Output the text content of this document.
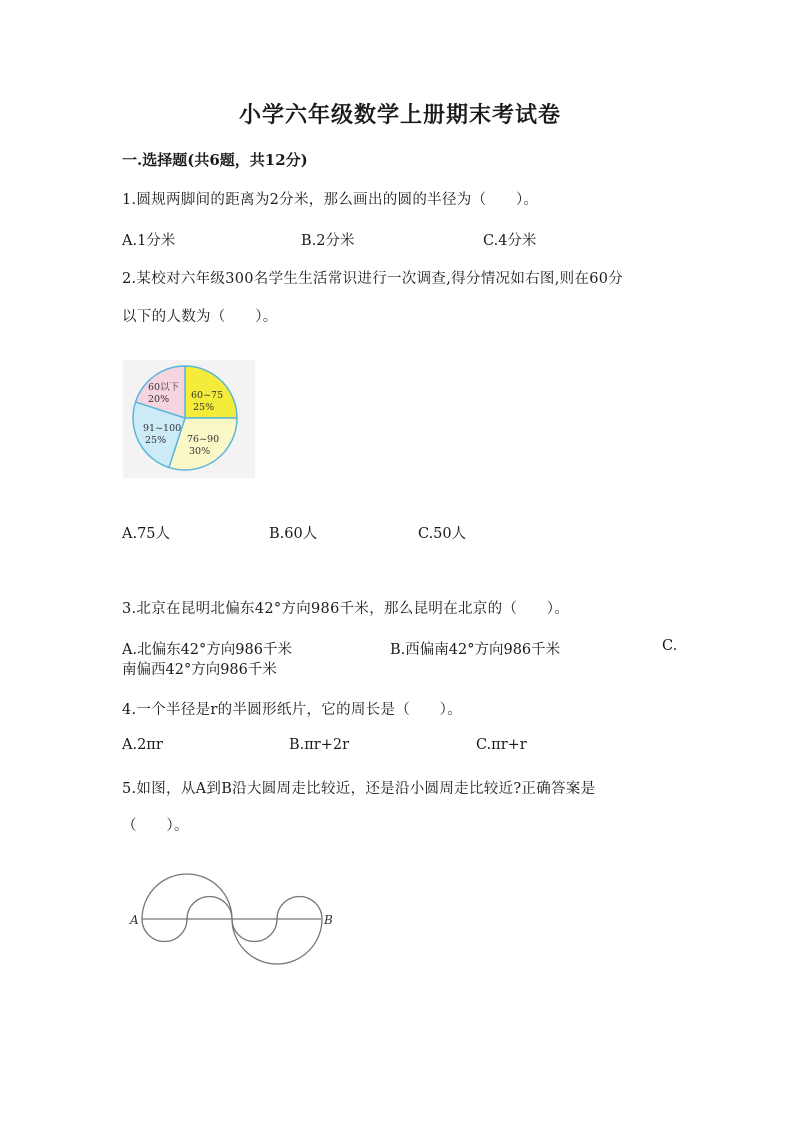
小学六年级数学上册期末考试卷
一.选择题(共6题，共12分)
1.圆规两脚间的距离为2分米，那么画出的圆的半径为（　　）。
A.1分米	B.2分米	C.4分米
2.某校对六年级300名学生生活常识进行一次调查,得分情况如右图,则在60分
以下的人数为（　　）。
60以下
20% 60~75
25%
76~90
30%
91~100
25%
A.75人	B.60人	C.50人
3.北京在昆明北偏东42°方向986千米，那么昆明在北京的（　　）。
A.北偏东42°方向986千米	B.西偏南42°方向986千米	C.
南偏西42°方向986千米
4.一个半径是r的半圆形纸片，它的周长是（　　）。
A.2πr	B.πr+2r	C.πr+r
5.如图，从A到B沿大圆周走比较近，还是沿小圆周走比较近?正确答案是
（　　）。
A	B
